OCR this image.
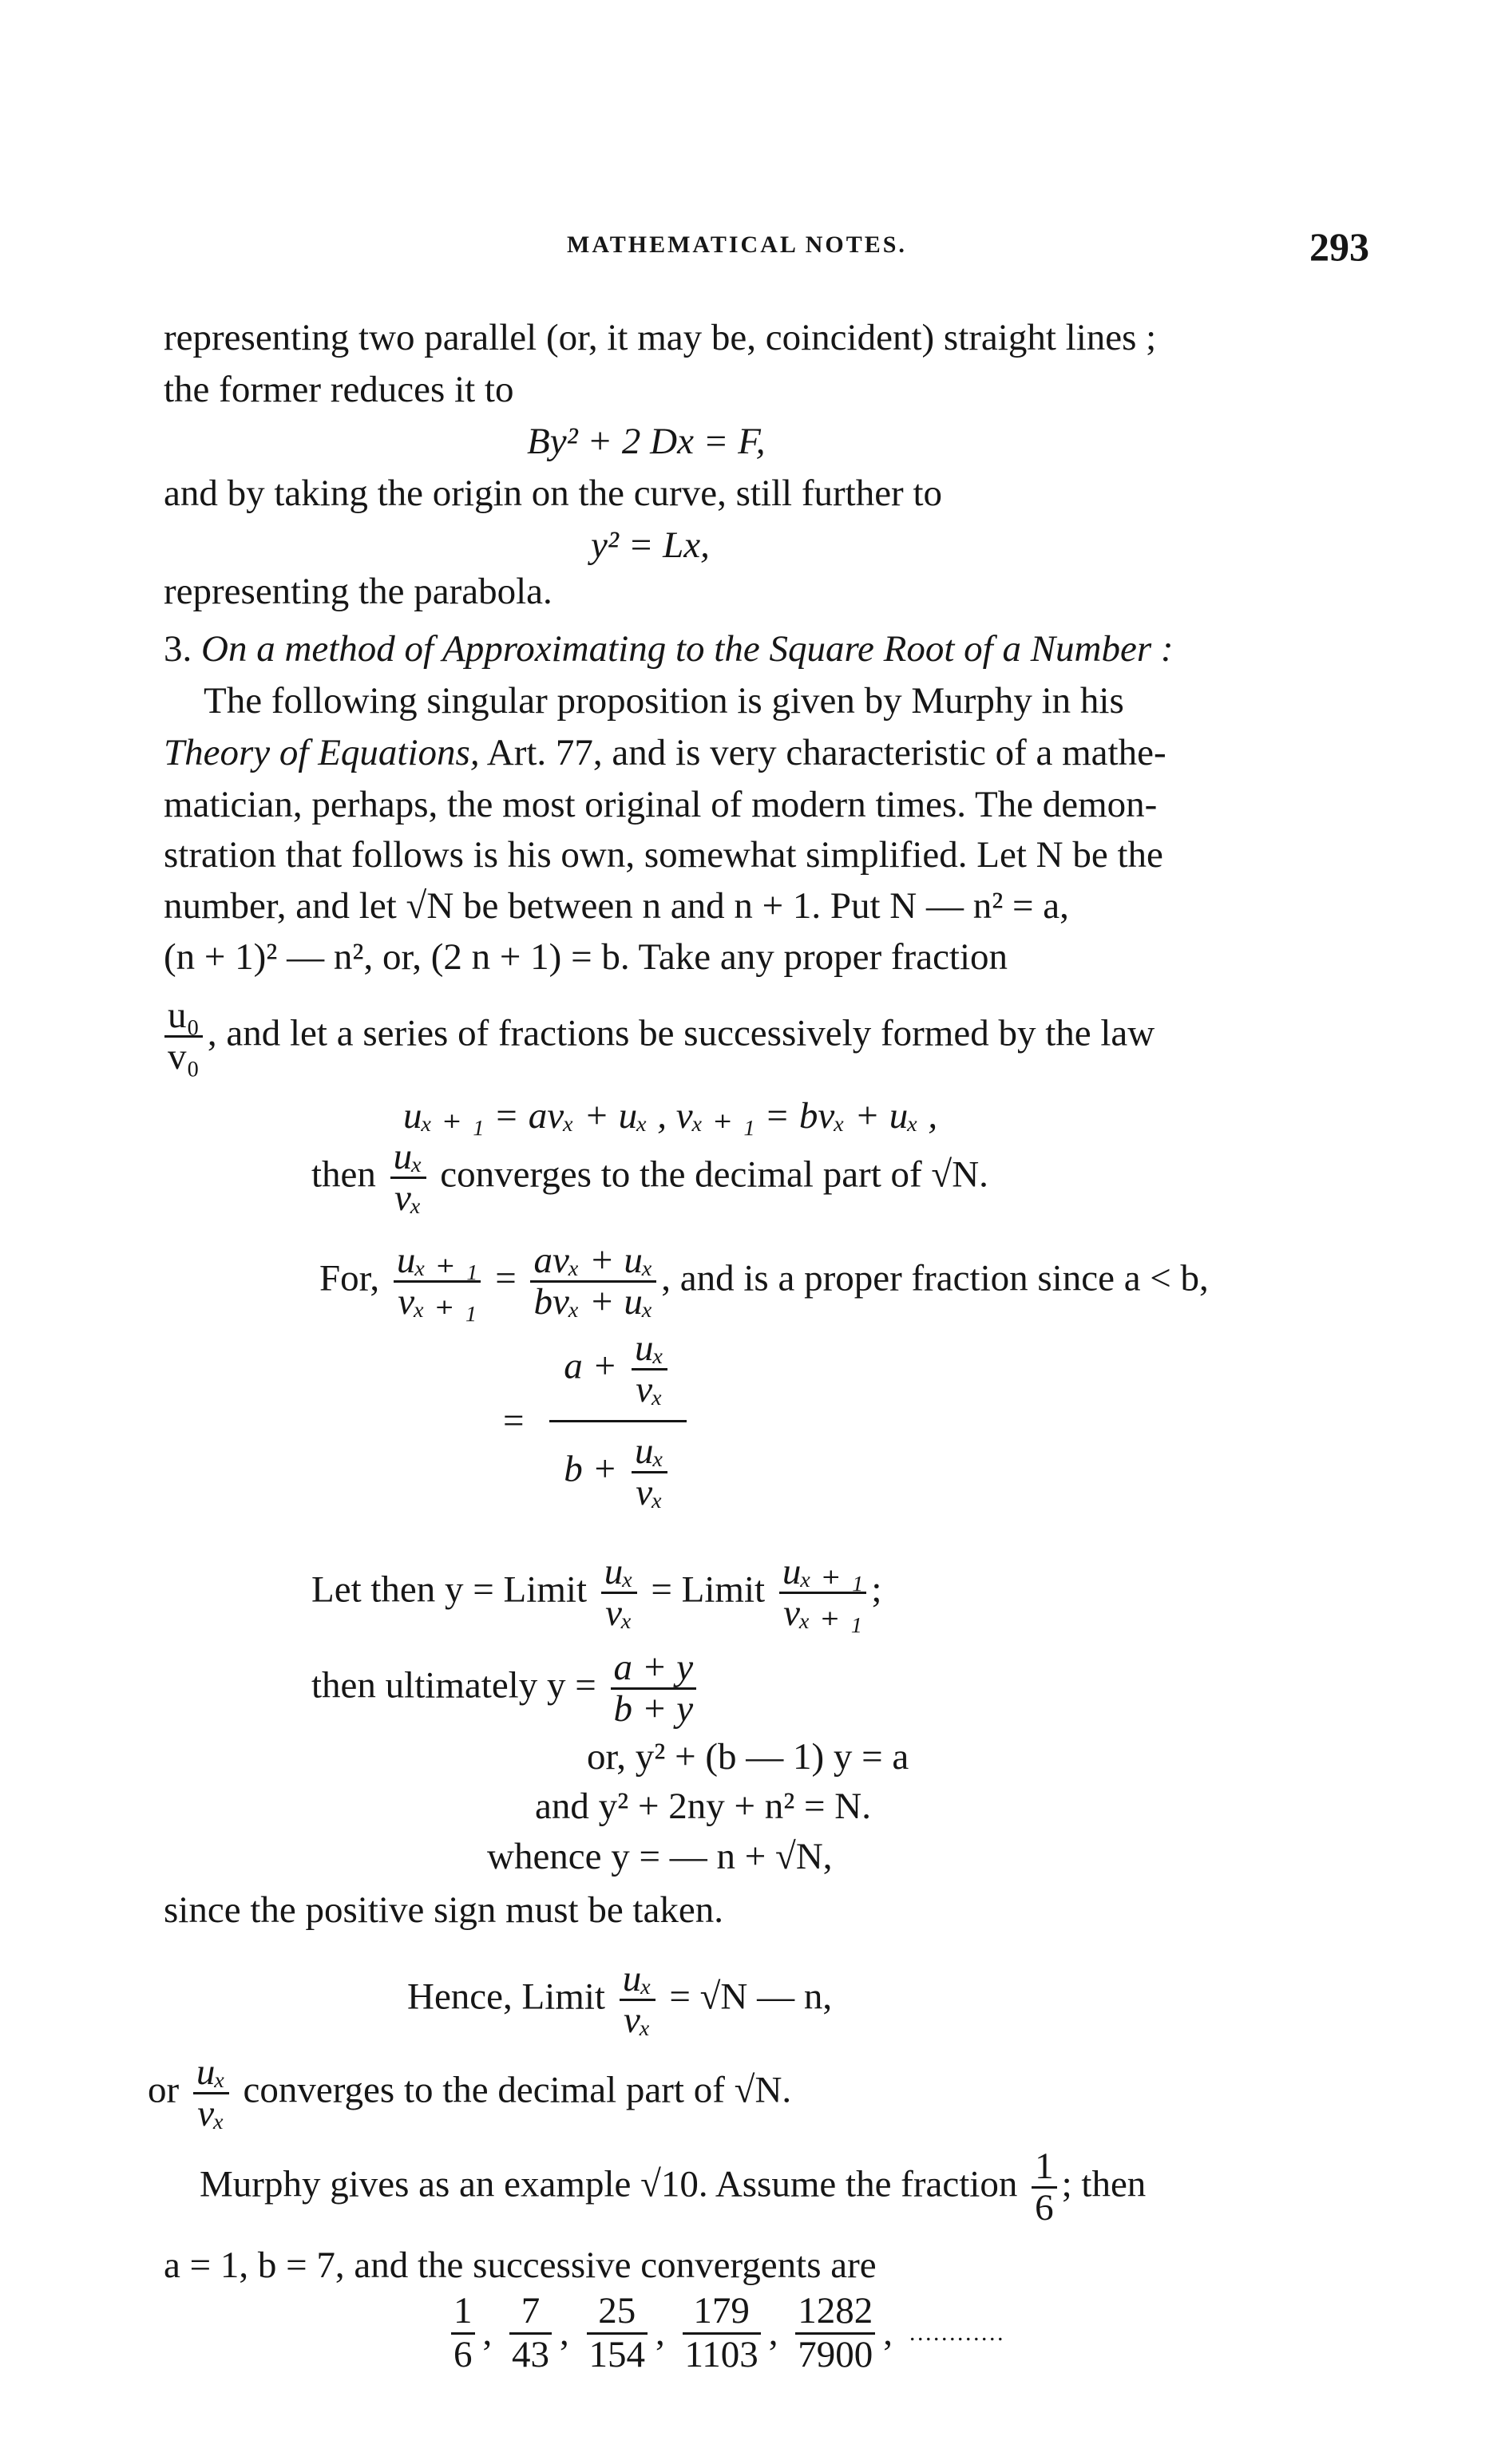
MATHEMATICAL NOTES.	293
representing two parallel (or, it may be, coincident) straight lines ;
the former reduces it to
By² + 2 Dx = F,
and by taking the origin on the curve, still further to
y² = Lx,
representing the parabola.
3. On a method of Approximating to the Square Root of a Number :
The following singular proposition is given by Murphy in his
Theory of Equations, Art. 77, and is very characteristic of a mathe-
matician, perhaps, the most original of modern times. The demon-
stration that follows is his own, somewhat simplified. Let N be the
number, and let √N be between n and n + 1. Put N — n² = a,
(n + 1)² — n², or, (2 n + 1) = b. Take any proper fraction
$\frac{\text{u₀}}{\text{v₀}}$ , and let a series of fractions be successively formed by the law
uₓ ₊ ₁ = avₓ + uₓ , vₓ ₊ ₁ = bvₓ + uₓ ,
then $\frac{\text{uₓ}}{\text{vₓ}}$ converges to the decimal part of √N.
For, $\frac{\text{uₓ ₊ ₁}}{\text{vₓ ₊ ₁}} = \frac{\text{avₓ + uₓ}}{\text{bvₓ + uₓ}}$ , and is a proper fraction since a < b,
= $\frac{a + \frac{\text{uₓ}}{\text{vₓ}}}{b + \frac{\text{uₓ}}{\text{vₓ}}}$
Let then y = Limit $\frac{\text{uₓ}}{\text{vₓ}}$ = Limit $\frac{\text{uₓ ₊ ₁}}{\text{vₓ ₊ ₁}}$ ;
then ultimately $y = \frac{a + y}{b + y}$
or, y² + (b — 1) y = a
and y² + 2ny + n² = N.
whence y = — n + √N,
since the positive sign must be taken.
Hence, Limit $\frac{\text{uₓ}}{\text{vₓ}} = √N$ — n,
or $\frac{\text{uₓ}}{\text{vₓ}}$ converges to the decimal part of √N.
Murphy gives as an example √10. Assume the fraction $\frac{1}{6}$ ; then
a = 1, b = 7, and the successive convergents are
$\frac{1}{6}$ , $\frac{7}{43}$ , $\frac{25}{154}$ , $\frac{179}{1103}$ , $\frac{1282}{7900}$ , …………
